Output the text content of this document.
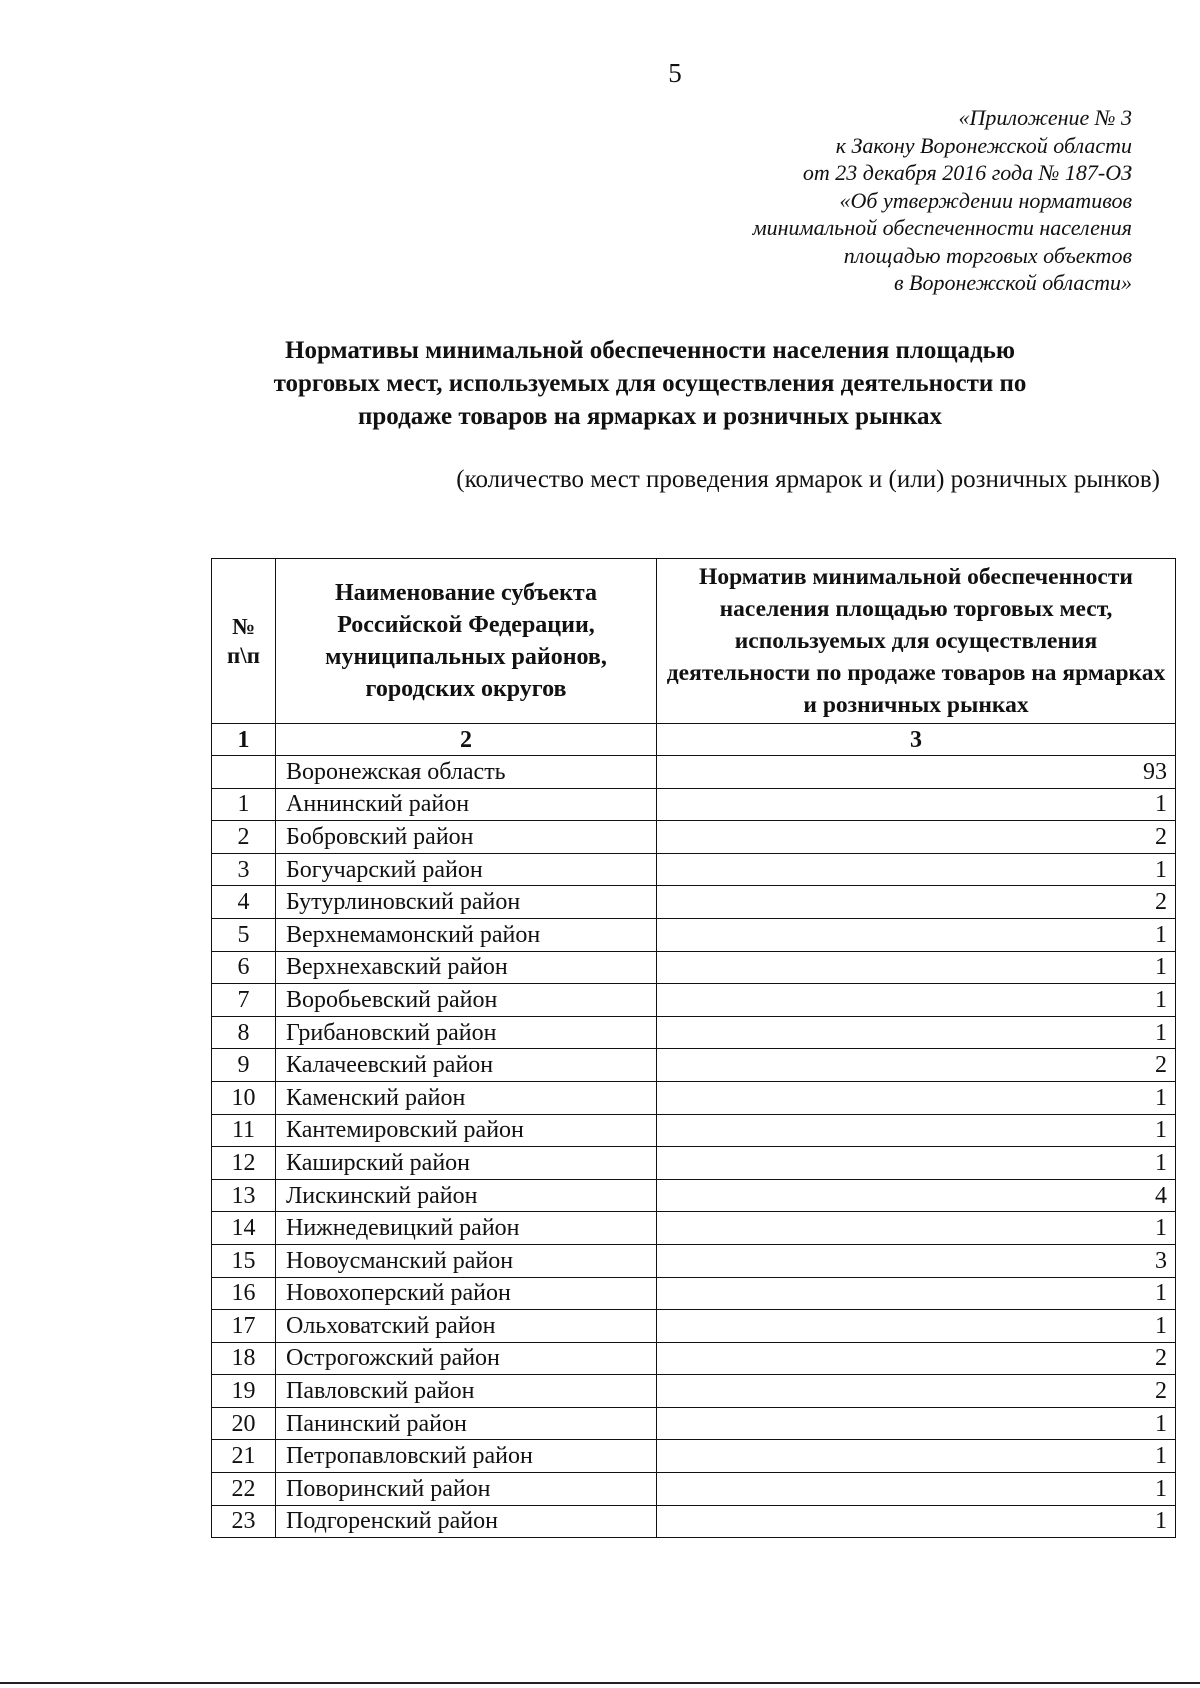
5
«Приложение № 3
к Закону Воронежской области
от 23 декабря 2016 года № 187-ОЗ
«Об утверждении нормативов
минимальной обеспеченности населения
площадью торговых объектов
в Воронежской области»
Нормативы минимальной обеспеченности населения площадью
торговых мест, используемых для осуществления деятельности по
продаже товаров на ярмарках и розничных рынках
(количество мест проведения ярмарок и (или) розничных рынков)
№
п\п	Наименование субъекта Российской Федерации, муниципальных районов, городских округов	Норматив минимальной обеспеченности населения площадью торговых мест, используемых для осуществления деятельности по продаже товаров на ярмарках и розничных рынках
1	2	3
	Воронежская область	93
1	Аннинский район	1
2	Бобровский район	2
3	Богучарский район	1
4	Бутурлиновский район	2
5	Верхнемамонский район	1
6	Верхнехавский район	1
7	Воробьевский район	1
8	Грибановский район	1
9	Калачеевский район	2
10	Каменский район	1
11	Кантемировский район	1
12	Каширский район	1
13	Лискинский район	4
14	Нижнедевицкий район	1
15	Новоусманский район	3
16	Новохоперский район	1
17	Ольховатский район	1
18	Острогожский район	2
19	Павловский район	2
20	Панинский район	1
21	Петропавловский район	1
22	Поворинский район	1
23	Подгоренский район	1
